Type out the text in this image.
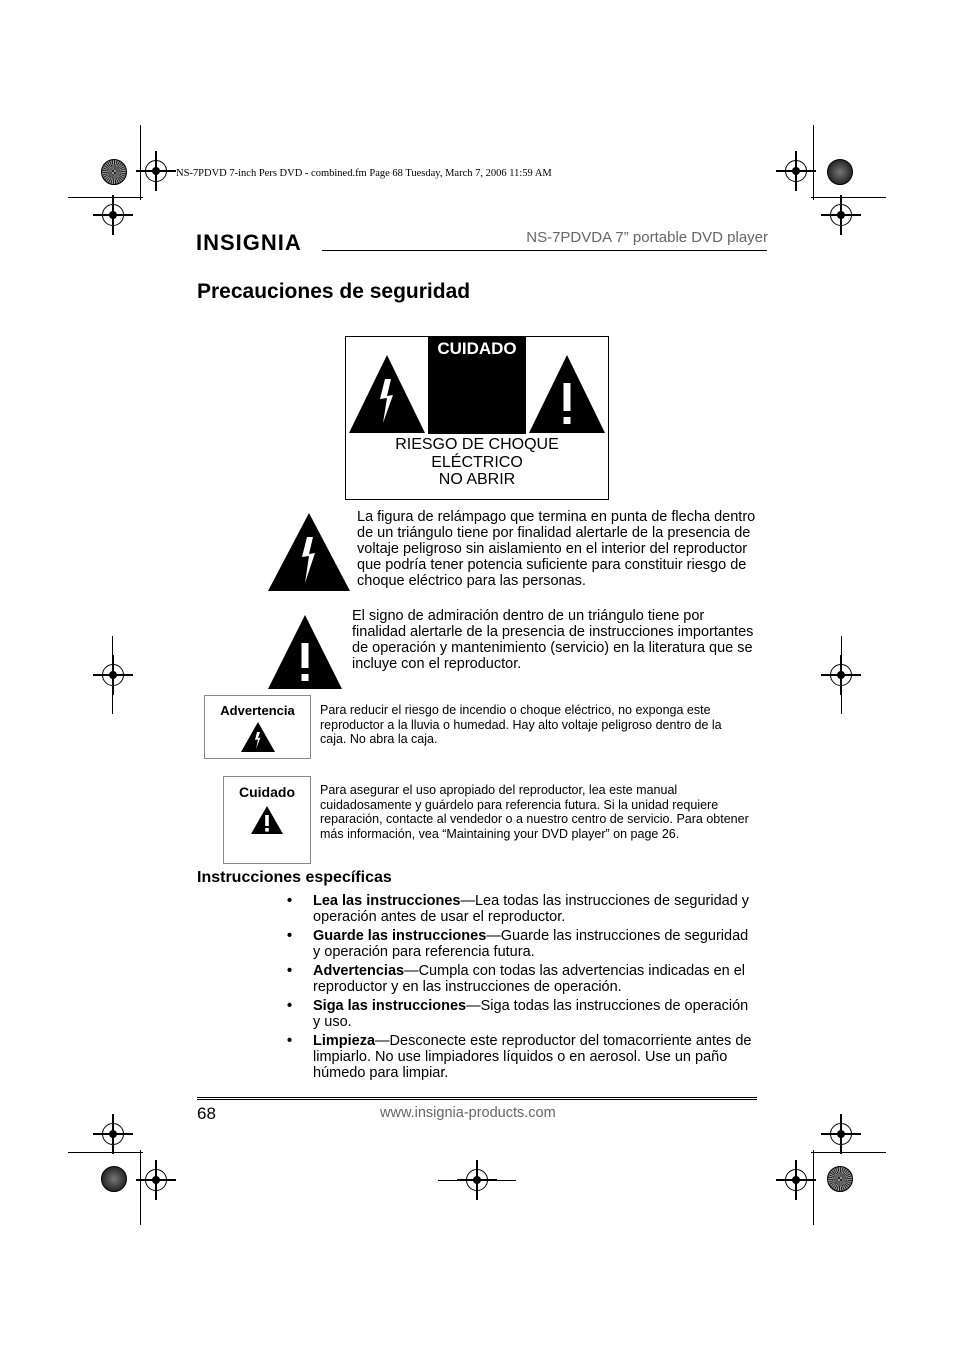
NS-7PDVD 7-inch Pers DVD - combined.fm Page 68 Tuesday, March 7, 2006 11:59 AM
INSIGNIA	NS-7PDVDA 7” portable DVD player
Precauciones de seguridad
CUIDADO
RIESGO DE CHOQUE
ELÉCTRICO
NO ABRIR
La figura de relámpago que termina en punta de flecha dentro de un triángulo tiene por finalidad alertarle de la presencia de voltaje peligroso sin aislamiento en el interior del reproductor que podría tener potencia suficiente para constituir riesgo de choque eléctrico para las personas.
El signo de admiración dentro de un triángulo tiene por finalidad alertarle de la presencia de instrucciones importantes de operación y mantenimiento (servicio) en la literatura que se incluye con el reproductor.
Advertencia	Para reducir el riesgo de incendio o choque eléctrico, no exponga este reproductor a la lluvia o humedad. Hay alto voltaje peligroso dentro de la caja. No abra la caja.
Cuidado	Para asegurar el uso apropiado del reproductor, lea este manual cuidadosamente y guárdelo para referencia futura. Si la unidad requiere reparación, contacte al vendedor o a nuestro centro de servicio. Para obtener más información, vea “Maintaining your DVD player” on page 26.
Instrucciones específicas
• Lea las instrucciones—Lea todas las instrucciones de seguridad y operación antes de usar el reproductor.
• Guarde las instrucciones—Guarde las instrucciones de seguridad y operación para referencia futura.
• Advertencias—Cumpla con todas las advertencias indicadas en el reproductor y en las instrucciones de operación.
• Siga las instrucciones—Siga todas las instrucciones de operación y uso.
• Limpieza—Desconecte este reproductor del tomacorriente antes de limpiarlo. No use limpiadores líquidos o en aerosol. Use un paño húmedo para limpiar.
68	www.insignia-products.com
